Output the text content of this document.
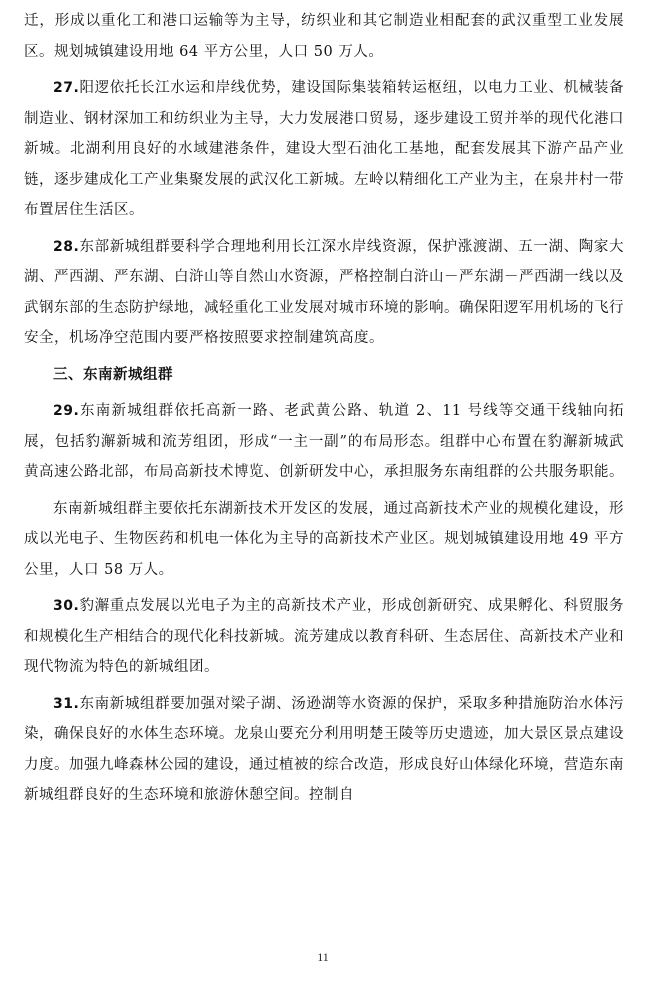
迁，形成以重化工和港口运输等为主导，纺织业和其它制造业相配套的武汉重型工业发展区。规划城镇建设用地 64 平方公里，人口 50 万人。

27.阳逻依托长江水运和岸线优势，建设国际集装箱转运枢纽，以电力工业、机械装备制造业、钢材深加工和纺织业为主导，大力发展港口贸易，逐步建设工贸并举的现代化港口新城。北湖利用良好的水域建港条件，建设大型石油化工基地，配套发展其下游产品产业链，逐步建成化工产业集聚发展的武汉化工新城。左岭以精细化工产业为主，在泉井村一带布置居住生活区。

28.东部新城组群要科学合理地利用长江深水岸线资源，保护涨渡湖、五一湖、陶家大湖、严西湖、严东湖、白浒山等自然山水资源，严格控制白浒山－严东湖－严西湖一线以及武钢东部的生态防护绿地，减轻重化工业发展对城市环境的影响。确保阳逻军用机场的飞行安全，机场净空范围内要严格按照要求控制建筑高度。

三、东南新城组群

29.东南新城组群依托高新一路、老武黄公路、轨道 2、11 号线等交通干线轴向拓展，包括豹澥新城和流芳组团，形成“一主一副”的布局形态。组群中心布置在豹澥新城武黄高速公路北部，布局高新技术博览、创新研发中心，承担服务东南组群的公共服务职能。

东南新城组群主要依托东湖新技术开发区的发展，通过高新技术产业的规模化建设，形成以光电子、生物医药和机电一体化为主导的高新技术产业区。规划城镇建设用地 49 平方公里，人口 58 万人。

30.豹澥重点发展以光电子为主的高新技术产业，形成创新研究、成果孵化、科贸服务和规模化生产相结合的现代化科技新城。流芳建成以教育科研、生态居住、高新技术产业和现代物流为特色的新城组团。

31.东南新城组群要加强对梁子湖、汤逊湖等水资源的保护，采取多种措施防治水体污染，确保良好的水体生态环境。龙泉山要充分利用明楚王陵等历史遗迹，加大景区景点建设力度。加强九峰森林公园的建设，通过植被的综合改造，形成良好山体绿化环境，营造东南新城组群良好的生态环境和旅游休憩空间。控制自

11
